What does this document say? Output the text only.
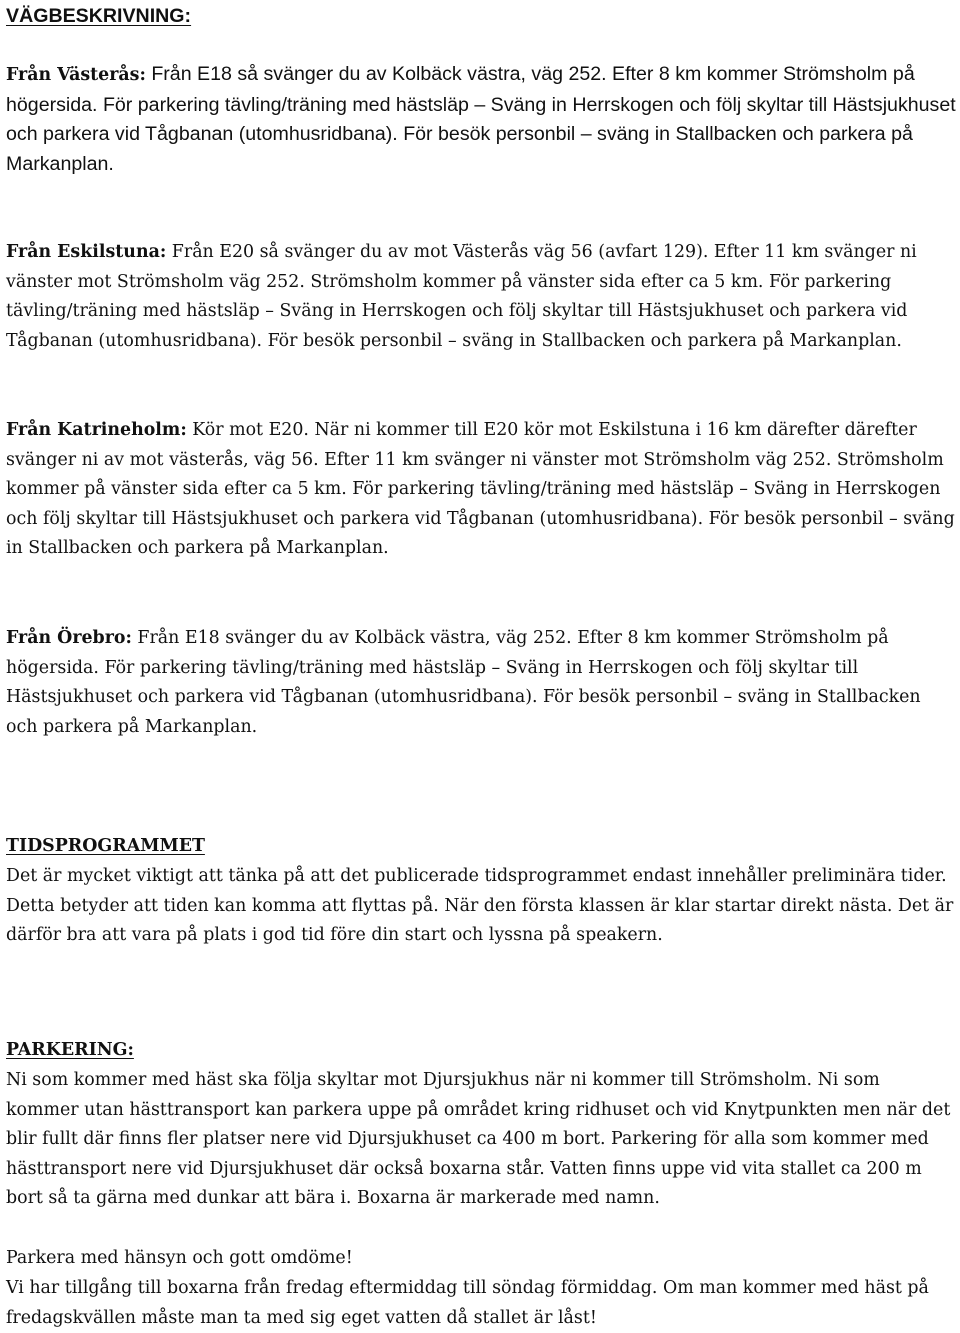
VÄGBESKRIVNING:

Från Västerås: Från E18 så svänger du av Kolbäck västra, väg 252. Efter 8 km kommer Strömsholm på högersida. För parkering tävling/träning med hästsläp – Sväng in Herrskogen och följ skyltar till Hästsjukhuset och parkera vid Tågbanan (utomhusridbana). För besök personbil – sväng in Stallbacken och parkera på Markanplan.

Från Eskilstuna: Från E20 så svänger du av mot Västerås väg 56 (avfart 129). Efter 11 km svänger ni vänster mot Strömsholm väg 252. Strömsholm kommer på vänster sida efter ca 5 km. För parkering tävling/träning med hästsläp – Sväng in Herrskogen och följ skyltar till Hästsjukhuset och parkera vid Tågbanan (utomhusridbana). För besök personbil – sväng in Stallbacken och parkera på Markanplan.

Från Katrineholm: Kör mot E20. När ni kommer till E20 kör mot Eskilstuna i 16 km därefter därefter svänger ni av mot västerås, väg 56. Efter 11 km svänger ni vänster mot Strömsholm väg 252. Strömsholm kommer på vänster sida efter ca 5 km. För parkering tävling/träning med hästsläp – Sväng in Herrskogen och följ skyltar till Hästsjukhuset och parkera vid Tågbanan (utomhusridbana). För besök personbil – sväng in Stallbacken och parkera på Markanplan.

Från Örebro: Från E18 svänger du av Kolbäck västra, väg 252. Efter 8 km kommer Strömsholm på högersida. För parkering tävling/träning med hästsläp – Sväng in Herrskogen och följ skyltar till Hästsjukhuset och parkera vid Tågbanan (utomhusridbana). För besök personbil – sväng in Stallbacken och parkera på Markanplan.

TIDSPROGRAMMET

Det är mycket viktigt att tänka på att det publicerade tidsprogrammet endast innehåller preliminära tider. Detta betyder att tiden kan komma att flyttas på. När den första klassen är klar startar direkt nästa. Det är därför bra att vara på plats i god tid före din start och lyssna på speakern.

PARKERING:

Ni som kommer med häst ska följa skyltar mot Djursjukhus när ni kommer till Strömsholm. Ni som kommer utan hästtransport kan parkera uppe på området kring ridhuset och vid Knytpunkten men när det blir fullt där finns fler platser nere vid Djursjukhuset ca 400 m bort. Parkering för alla som kommer med hästtransport nere vid Djursjukhuset där också boxarna står. Vatten finns uppe vid vita stallet ca 200 m bort så ta gärna med dunkar att bära i. Boxarna är markerade med namn.

Parkera med hänsyn och gott omdöme!

Vi har tillgång till boxarna från fredag eftermiddag till söndag förmiddag. Om man kommer med häst på fredagskvällen måste man ta med sig eget vatten då stallet är låst!
